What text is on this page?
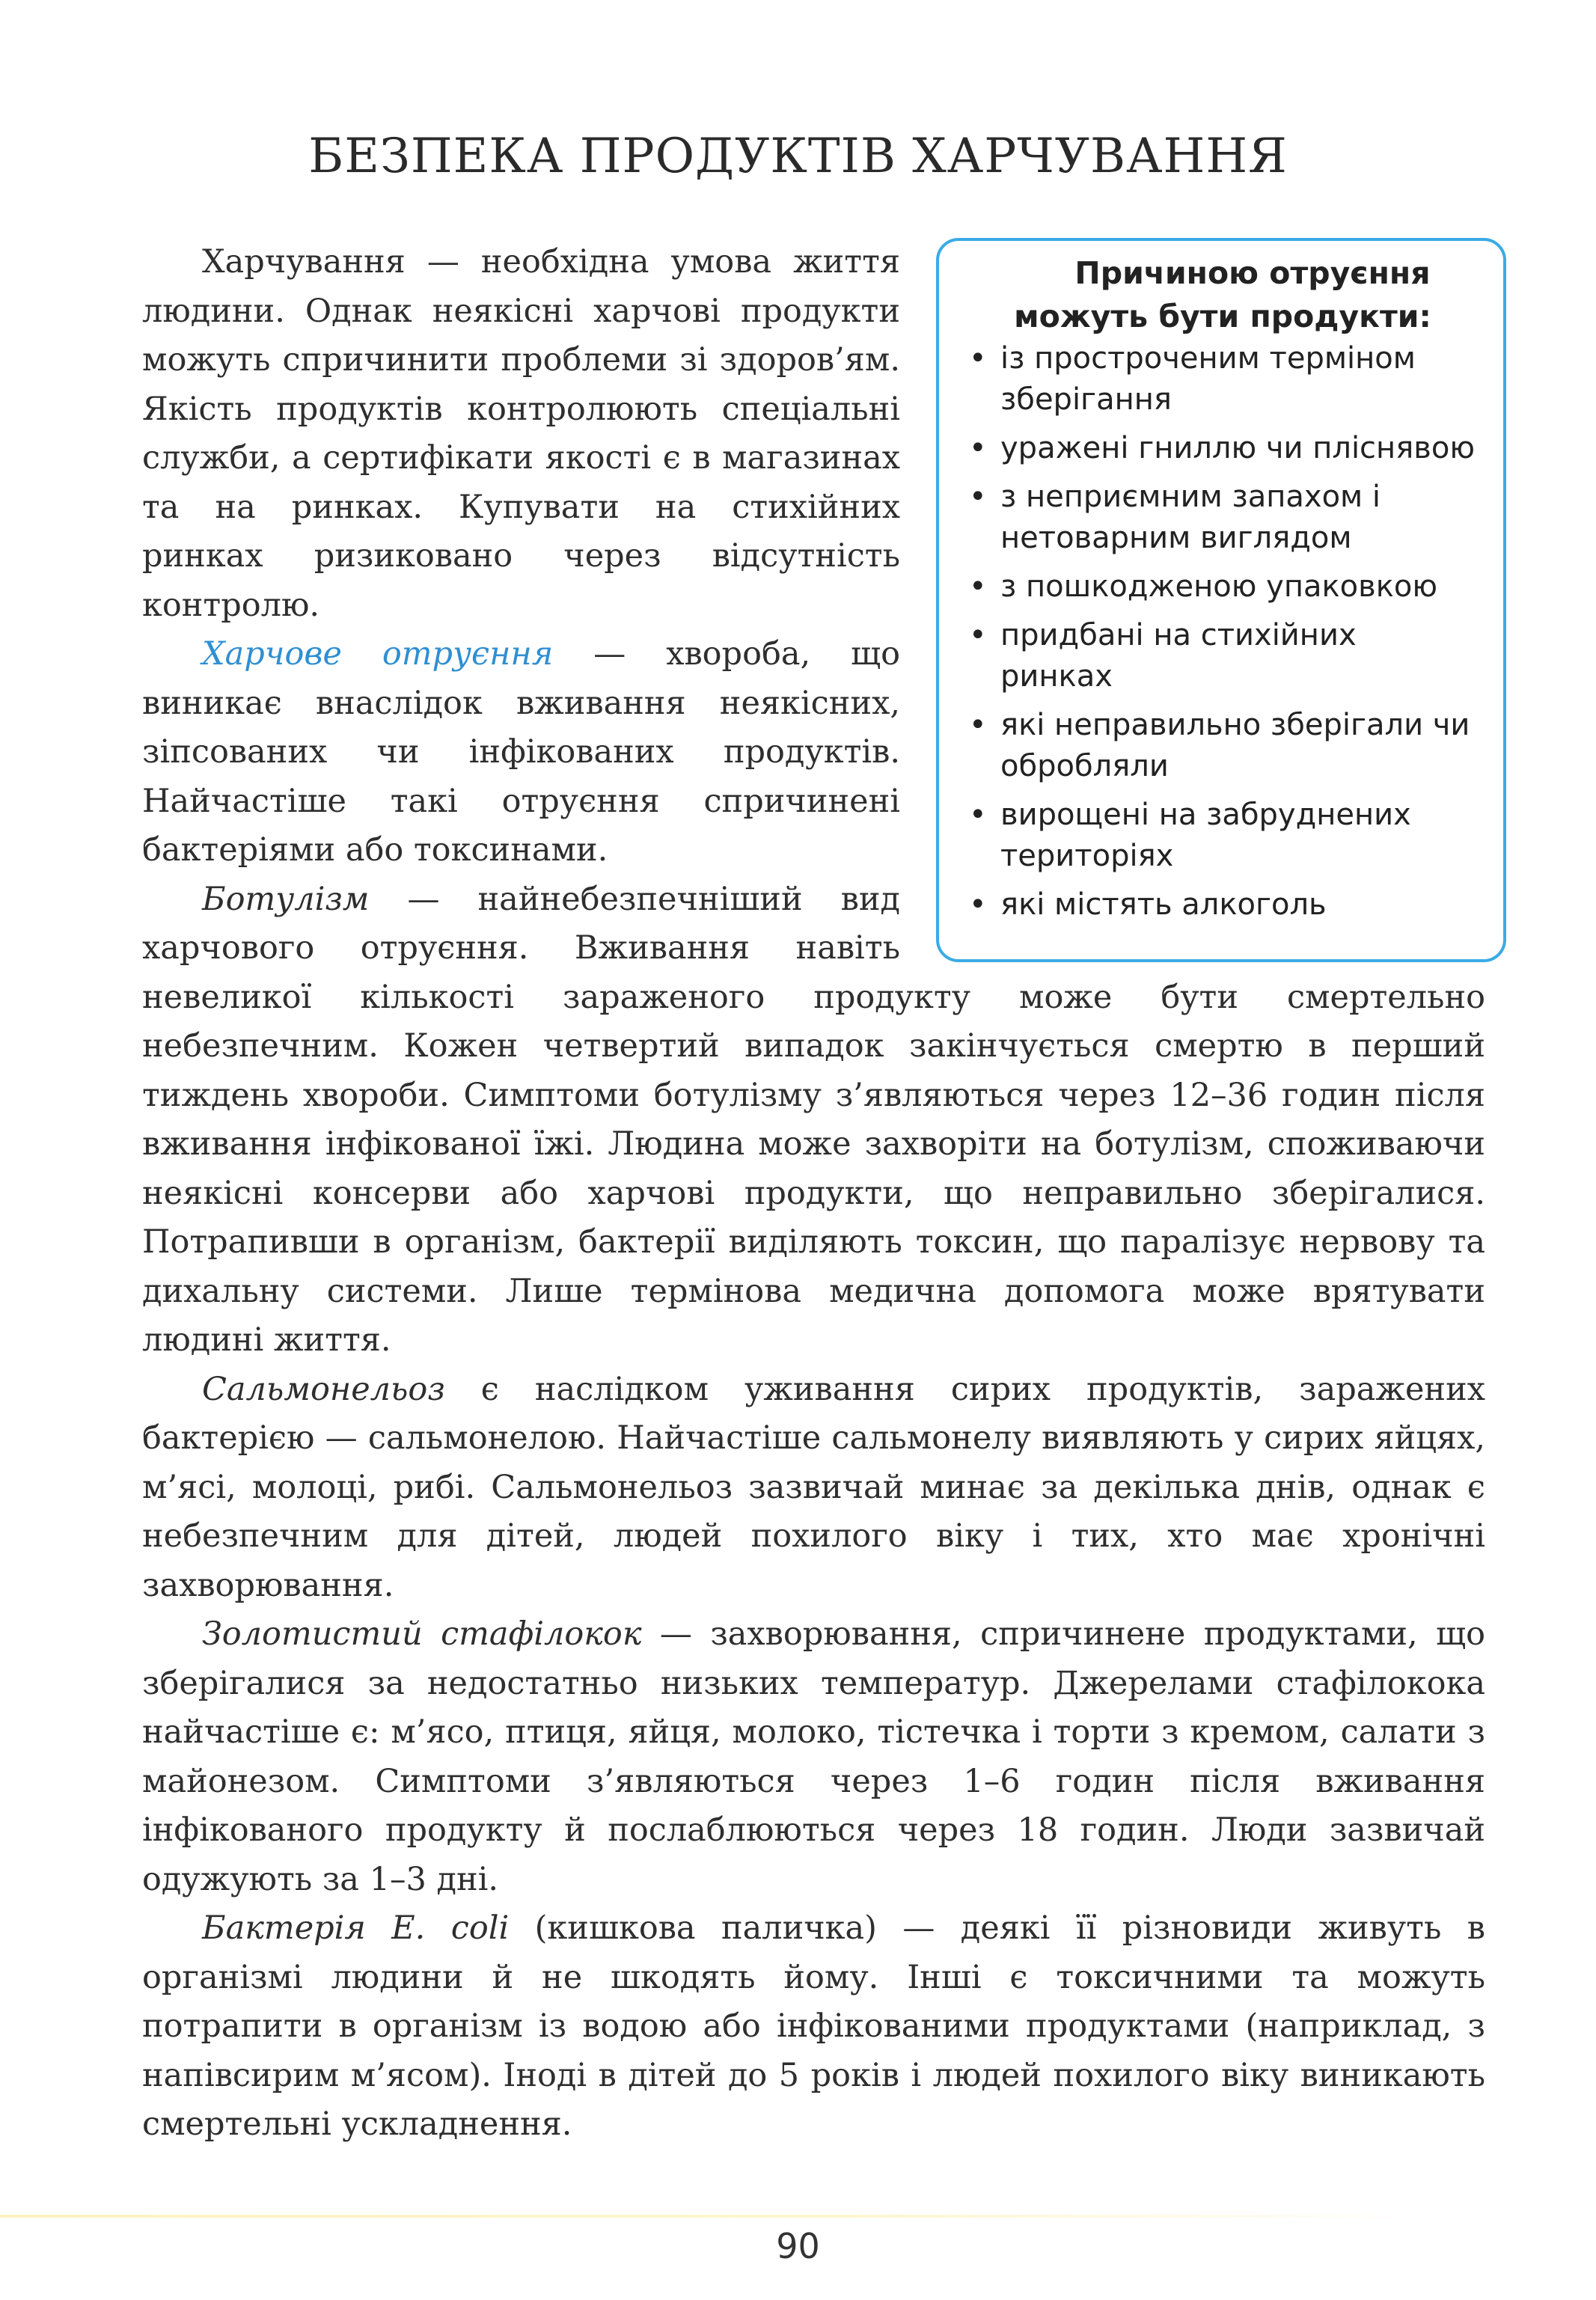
БЕЗПЕКА ПРОДУКТІВ ХАРЧУВАННЯ

Причиною отруєння
можуть бути продукти:

• із простроченим терміном зберігання
• уражені гниллю чи пліснявою
• з неприємним запахом і нетоварним виглядом
• з пошкодженою упаковкою
• придбані на стихійних ринках
• які неправильно зберігали чи обробляли
• вирощені на забруднених територіях
• які містять алкоголь

Харчування — необхідна умова життя людини. Однак неякісні харчові продукти можуть спричинити проблеми зі здоров’ям. Якість продуктів контролюють спеціальні служби, а сертифікати якості є в магазинах та на ринках. Купувати на стихійних ринках ризиковано через відсутність контролю.

Харчове отруєння — хвороба, що виникає внаслідок вживання неякісних, зіпсованих чи інфікованих продуктів. Найчастіше такі отруєння спричинені бактеріями або токсинами.

Ботулізм — найнебезпечніший вид харчового отруєння. Вживання навіть невеликої кількості зараженого продукту може бути смертельно небезпечним. Кожен четвертий випадок закінчується смертю в перший тиждень хвороби. Симптоми ботулізму з’являються через 12–36 годин після вживання інфікованої їжі. Людина може захворіти на ботулізм, споживаючи неякісні консерви або харчові продукти, що неправильно зберігалися. Потрапивши в організм, бактерії виділяють токсин, що паралізує нервову та дихальну системи. Лише термінова медична допомога може врятувати людині життя.

Сальмонельоз є наслідком уживання сирих продуктів, заражених бактерією — сальмонелою. Найчастіше сальмонелу виявляють у сирих яйцях, м’ясі, молоці, рибі. Сальмонельоз зазвичай минає за декілька днів, однак є небезпечним для дітей, людей похилого віку і тих, хто має хронічні захворювання.

Золотистий стафілокок — захворювання, спричинене продуктами, що зберігалися за недостатньо низьких температур. Джерелами стафілокока найчастіше є: м’ясо, птиця, яйця, молоко, тістечка і торти з кремом, салати з майонезом. Симптоми з’являються через 1–6 годин після вживання інфікованого продукту й послаблюються через 18 годин. Люди зазвичай одужують за 1–3 дні.

Бактерія E. coli (кишкова паличка) — деякі її різновиди живуть в організмі людини й не шкодять йому. Інші є токсичними та можуть потрапити в організм із водою або інфікованими продуктами (наприклад, з напівсирим м’ясом). Іноді в дітей до 5 років і людей похилого віку виникають смертельні ускладнення.

90
